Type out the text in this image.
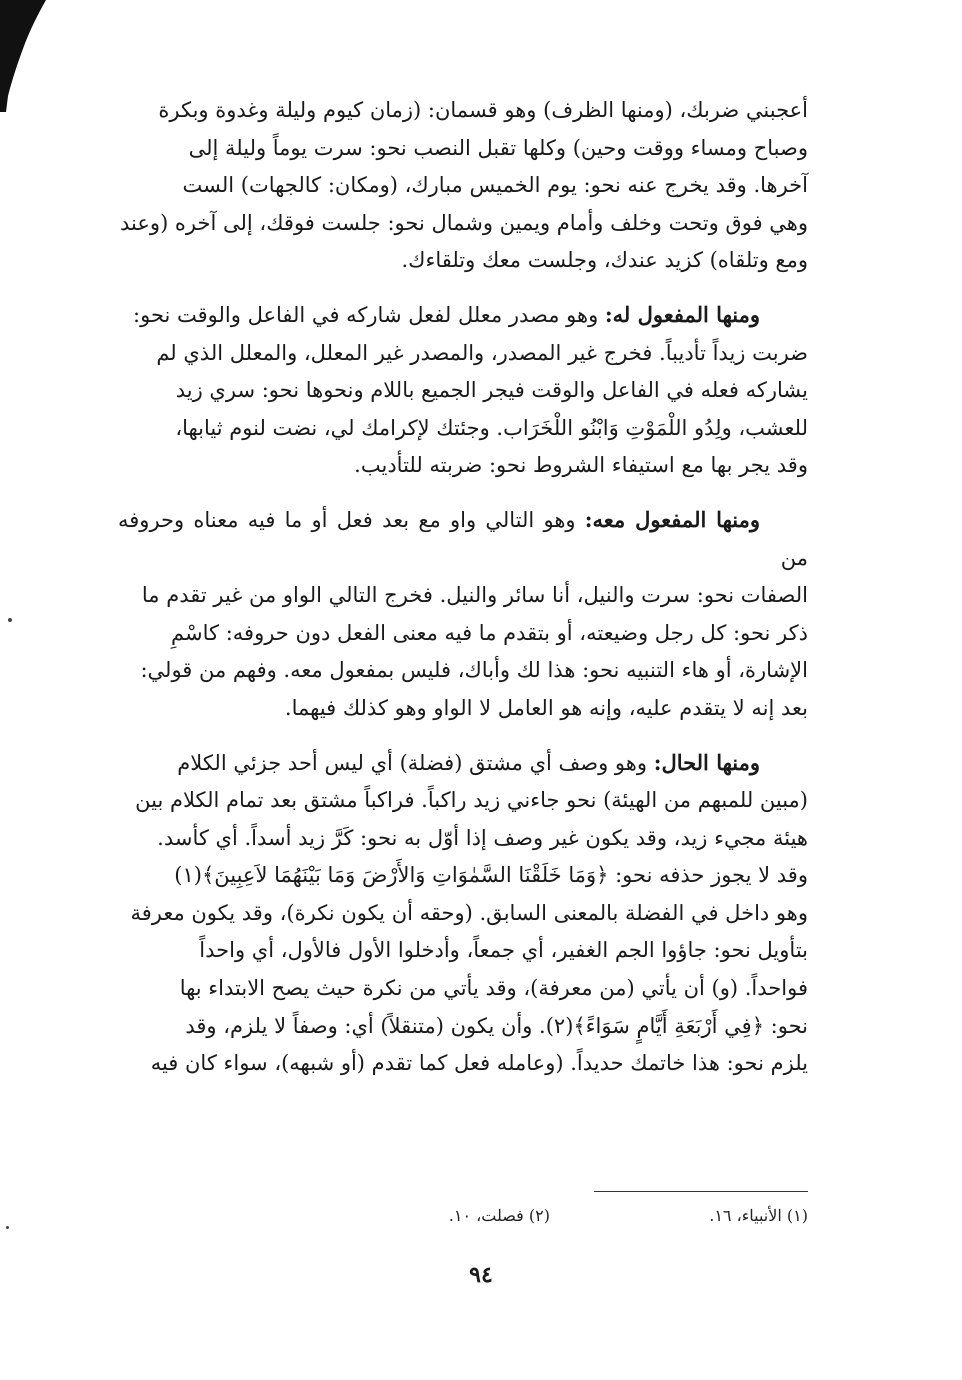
أعجبني ضربك، (ومنها الظرف) وهو قسمان: (زمان كيوم وليلة وغدوة وبكرة

وصباح ومساء ووقت وحين) وكلها تقبل النصب نحو: سرت يوماً وليلة إلى

آخرها. وقد يخرج عنه نحو: يوم الخميس مبارك، (ومكان: كالجهات) الست

وهي فوق وتحت وخلف وأمام ويمين وشمال نحو: جلست فوقك، إلى آخره (وعند

ومع وتلقاه) كزيد عندك، وجلست معك وتلقاءك.

ومنها المفعول له: وهو مصدر معلل لفعل شاركه في الفاعل والوقت نحو:

ضربت زيداً تأديباً. فخرج غير المصدر، والمصدر غير المعلل، والمعلل الذي لم

يشاركه فعله في الفاعل والوقت فيجر الجميع باللام ونحوها نحو: سري زيد

للعشب، ولِدُو اللْمَوْتِ وَابْنُو اللْخَرَاب. وجئتك لإكرامك لي، نضت لنوم ثيابها،

وقد يجر بها مع استيفاء الشروط نحو: ضربته للتأديب.

ومنها المفعول معه: وهو التالي واو مع بعد فعل أو ما فيه معناه وحروفه من

الصفات نحو: سرت والنيل، أنا سائر والنيل. فخرج التالي الواو من غير تقدم ما

ذكر نحو: كل رجل وضيعته، أو بتقدم ما فيه معنى الفعل دون حروفه: كاسْمِ

الإشارة، أو هاء التنبيه نحو: هذا لك وأباك، فليس بمفعول معه. وفهم من قولي:

بعد إنه لا يتقدم عليه، وإنه هو العامل لا الواو وهو كذلك فيهما.

ومنها الحال: وهو وصف أي مشتق (فضلة) أي ليس أحد جزئي الكلام

(مبين للمبهم من الهيئة) نحو جاءني زيد راكباً. فراكباً مشتق بعد تمام الكلام بين

هيئة مجيء زيد، وقد يكون غير وصف إذا أوّل به نحو: كَرَّ زيد أسداً. أي كأسد.

وقد لا يجوز حذفه نحو: ﴿وَمَا خَلَقْنَا السَّمٰوَاتِ وَالأَرْضَ وَمَا بَيْنَهُمَا لاَعِبِينَ﴾(١)

وهو داخل في الفضلة بالمعنى السابق. (وحقه أن يكون نكرة)، وقد يكون معرفة

بتأويل نحو: جاؤوا الجم الغفير، أي جمعاً، وأدخلوا الأول فالأول، أي واحداً

فواحداً. (و) أن يأتي (من معرفة)، وقد يأتي من نكرة حيث يصح الابتداء بها

نحو: ﴿فِي أَرْبَعَةِ أَيَّامٍ سَوَاءً﴾(٢). وأن يكون (متنقلاً) أي: وصفاً لا يلزم، وقد

يلزم نحو: هذا خاتمك حديداً. (وعامله فعل كما تقدم (أو شبهه)، سواء كان فيه

(١) الأنبياء، ١٦.
(٢) فصلت، ١٠.
٩٤
